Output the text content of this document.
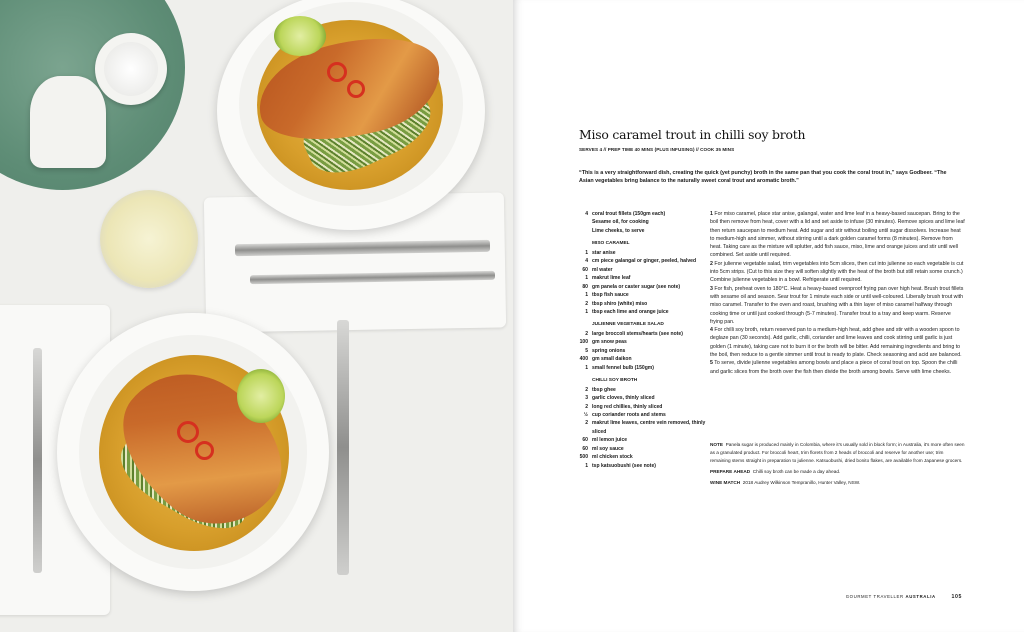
Miso caramel trout in chilli soy broth
SERVES 4 // PREP TIME 40 MINS (PLUS INFUSING) // COOK 35 MINS
“This is a very straightforward dish, creating the quick (yet punchy) broth in the same pan that you cook the coral trout in,” says Godbeer. “The Asian vegetables bring balance to the naturally sweet coral trout and aromatic broth.”
4 coral trout fillets (150gm each)
Sesame oil, for cooking
Lime cheeks, to serve
MISO CARAMEL
1 star anise
4 cm piece galangal or ginger, peeled, halved
60 ml water
1 makrut lime leaf
80 gm panela or caster sugar (see note)
1 tbsp fish sauce
2 tbsp shiro (white) miso
1 tbsp each lime and orange juice
JULIENNE VEGETABLE SALAD
2 large broccoli stems/hearts (see note)
100 gm snow peas
5 spring onions
400 gm small daikon
1 small fennel bulb (150gm)
CHILLI SOY BROTH
2 tbsp ghee
3 garlic cloves, thinly sliced
2 long red chillies, thinly sliced
½ cup coriander roots and stems
2 makrut lime leaves, centre vein removed, thinly sliced
60 ml lemon juice
60 ml soy sauce
500 ml chicken stock
1 tsp katsuobushi (see note)
1 For miso caramel, place star anise, galangal, water and lime leaf in a heavy-based saucepan. Bring to the boil then remove from heat, cover with a lid and set aside to infuse (30 minutes). Remove spices and lime leaf then return saucepan to medium heat. Add sugar and stir without boiling until sugar dissolves. Increase heat to medium-high and simmer, without stirring until a dark golden caramel forms (8 minutes). Remove from heat. Taking care as the mixture will splutter, add fish sauce, miso, lime and orange juices and stir until well combined. Set aside until required.
2 For julienne vegetable salad, trim vegetables into 5cm slices, then cut into julienne so each vegetable is cut into 5cm strips. (Cut to this size they will soften slightly with the heat of the broth but still retain some crunch.) Combine julienne vegetables in a bowl. Refrigerate until required.
3 For fish, preheat oven to 180°C. Heat a heavy-based ovenproof frying pan over high heat. Brush trout fillets with sesame oil and season. Sear trout for 1 minute each side or until well-coloured. Liberally brush trout with miso caramel. Transfer to the oven and roast, brushing with a thin layer of miso caramel halfway through cooking time or until just cooked through (5-7 minutes). Transfer trout to a tray and keep warm. Reserve frying pan.
4 For chilli soy broth, return reserved pan to a medium-high heat, add ghee and stir with a wooden spoon to deglaze pan (30 seconds). Add garlic, chilli, coriander and lime leaves and cook stirring until garlic is just golden (1 minute), taking care not to burn it or the broth will be bitter. Add remaining ingredients and bring to the boil, then reduce to a gentle simmer until trout is ready to plate. Check seasoning and acid are balanced.
5 To serve, divide julienne vegetables among bowls and place a piece of coral trout on top. Spoon the chilli and garlic slices from the broth over the fish then divide the broth among bowls. Serve with lime cheeks.

NOTE Panela sugar is produced mainly in Colombia, where it's usually sold in block form; in Australia, it's more often seen as a granulated product. For broccoli heart, trim florets from 2 heads of broccoli and reserve for another use; trim remaining stems straight in preparation to julienne. Katsuobushi, dried bonito flakes, are available from Japanese grocers.

PREPARE AHEAD Chilli soy broth can be made a day ahead.

WINE MATCH 2018 Audrey Wilkinson Tempranillo, Hunter Valley, NSW.

GOURMET TRAVELLER AUSTRALIA	105
